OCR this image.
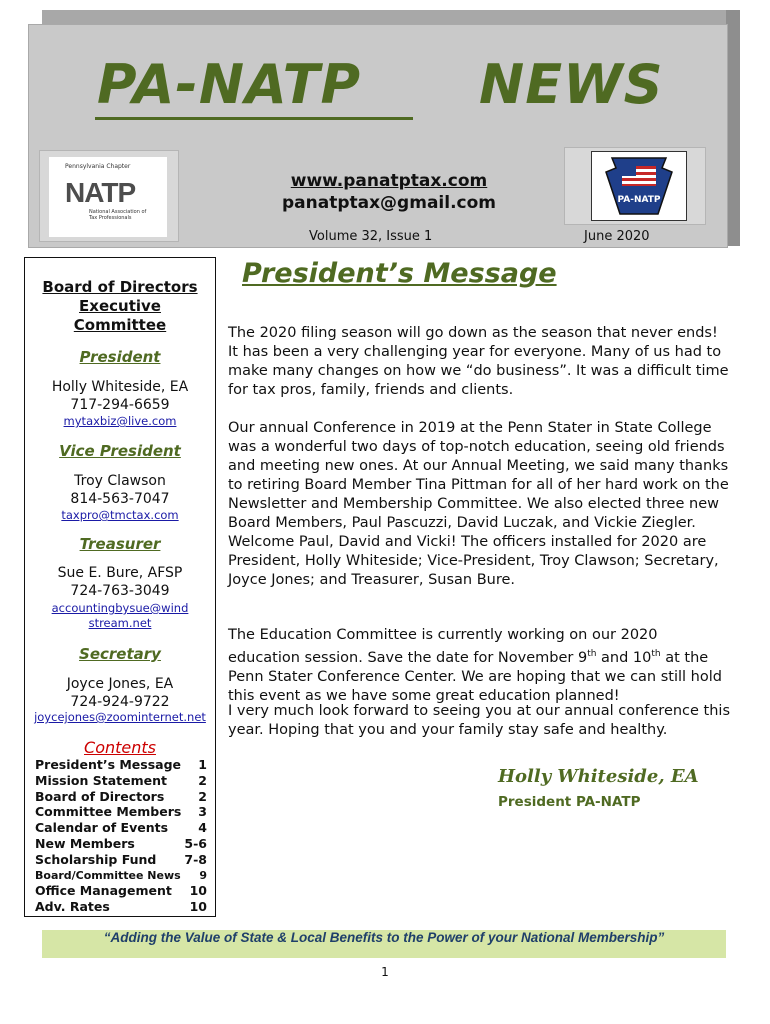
PA-NATP NEWS
Pennsylvania Chapter
NATP
National Association of Tax Professionals
www.panatptax.com
panatptax@gmail.com
Volume 32, Issue 1	June 2020
PA-NATP
Board of Directors
Executive
Committee
President
Holly Whiteside, EA
717-294-6659
mytaxbiz@live.com
Vice President
Troy Clawson
814-563-7047
taxpro@tmctax.com
Treasurer
Sue E. Bure, AFSP
724-763-3049
accountingbysue@wind
stream.net
Secretary
Joyce Jones, EA
724-924-9722
joycejones@zoominternet.net
Contents
President’s Message 1
Mission Statement	2
Board of Directors	2
Committee Members 3
Calendar of Events 4
New Members	5-6
Scholarship Fund 7-8
Board/Committee News 9
Office Management 10
Adv. Rates	10
President’s Message

The 2020 filing season will go down as the season that never ends! It has been a very challenging year for everyone. Many of us had to make many changes on how we “do business”. It was a difficult time for tax pros, family, friends and clients.

Our annual Conference in 2019 at the Penn Stater in State College was a wonderful two days of top-notch education, seeing old friends and meeting new ones. At our Annual Meeting, we said many thanks to retiring Board Member Tina Pittman for all of her hard work on the Newsletter and Membership Committee. We also elected three new Board Members, Paul Pascuzzi, David Luczak, and Vickie Ziegler. Welcome Paul, David and Vicki! The officers installed for 2020 are President, Holly Whiteside; Vice-President, Troy Clawson; Secretary, Joyce Jones; and Treasurer, Susan Bure.

The Education Committee is currently working on our 2020 education session. Save the date for November 9th and 10th at the Penn Stater Conference Center. We are hoping that we can still hold this event as we have some great education planned!

I very much look forward to seeing you at our annual conference this year. Hoping that you and your family stay safe and healthy.

Holly Whiteside, EA
President PA-NATP
“Adding the Value of State & Local Benefits to the Power of your National Membership”
1
